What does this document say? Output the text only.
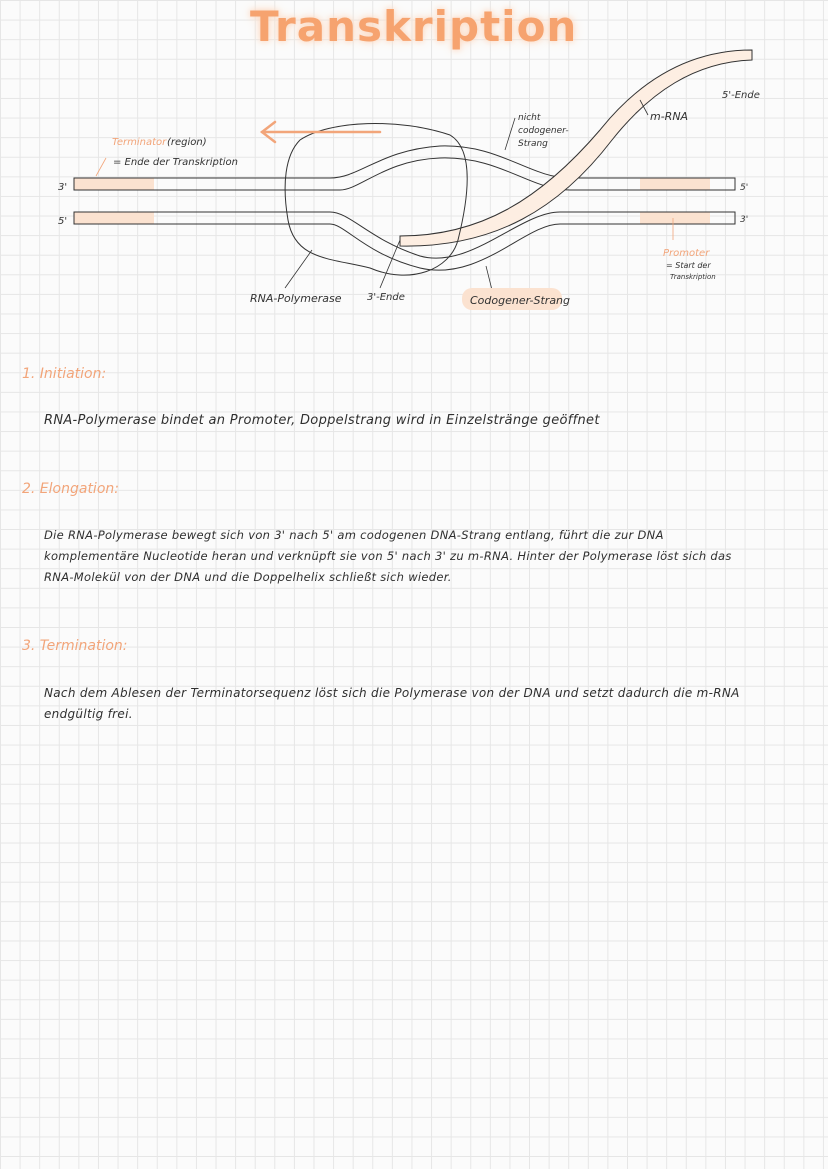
Transkription
3'
5'
5'
3'
Terminator (region)
= Ende der Transkription
nicht
codogener-
Strang
m-RNA
5'-Ende
Promoter
= Start der
Transkription
RNA-Polymerase	3'-Ende	Codogener-Strang
1. Initiation:
RNA-Polymerase bindet an Promoter, Doppelstrang wird in Einzelstränge geöffnet
2. Elongation:
Die RNA-Polymerase bewegt sich von 3' nach 5' am codogenen DNA-Strang entlang, führt die zur DNA
komplementäre Nucleotide heran und verknüpft sie von 5' nach 3' zu m-RNA. Hinter der Polymerase löst sich das
RNA-Molekül von der DNA und die Doppelhelix schließt sich wieder.
3. Termination:
Nach dem Ablesen der Terminatorsequenz löst sich die Polymerase von der DNA und setzt dadurch die m-RNA
endgültig frei.
